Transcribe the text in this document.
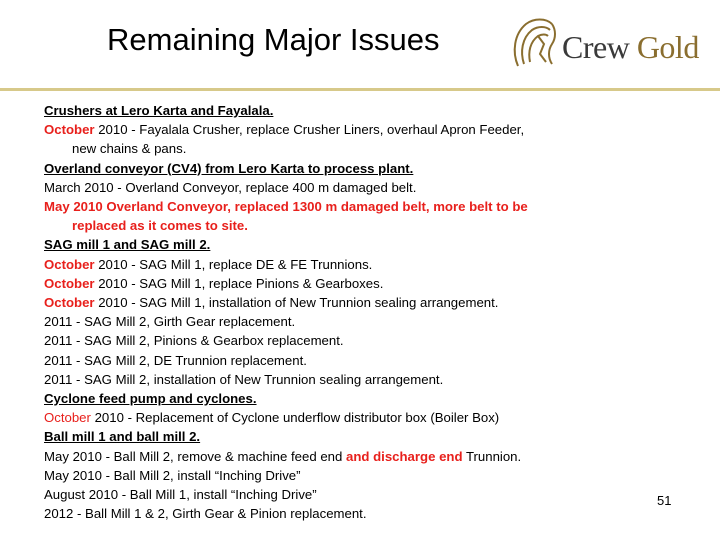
Remaining Major Issues	Crew Gold
Crushers at Lero Karta and Fayalala.
October 2010 - Fayalala Crusher, replace Crusher Liners, overhaul Apron Feeder,
new chains & pans.
Overland conveyor (CV4) from Lero Karta to process plant.
March 2010 - Overland Conveyor, replace 400 m damaged belt.
May 2010 Overland Conveyor, replaced 1300 m damaged belt, more belt to be
replaced as it comes to site.
SAG mill 1 and SAG mill 2.
October 2010 - SAG Mill 1, replace DE & FE Trunnions.
October 2010 - SAG Mill 1, replace Pinions & Gearboxes.
October 2010 - SAG Mill 1, installation of New Trunnion sealing arrangement.
2011 - SAG Mill 2, Girth Gear replacement.
2011 - SAG Mill 2, Pinions & Gearbox replacement.
2011 - SAG Mill 2, DE Trunnion replacement.
2011 - SAG Mill 2, installation of New Trunnion sealing arrangement.
Cyclone feed pump and cyclones.
October 2010 - Replacement of Cyclone underflow distributor box (Boiler Box)
Ball mill 1 and ball mill 2.
May 2010 - Ball Mill 2, remove & machine feed end and discharge end Trunnion.
May 2010 - Ball Mill 2, install “Inching Drive”
August 2010 - Ball Mill 1, install “Inching Drive”
2012 - Ball Mill 1 & 2, Girth Gear & Pinion replacement.
51
